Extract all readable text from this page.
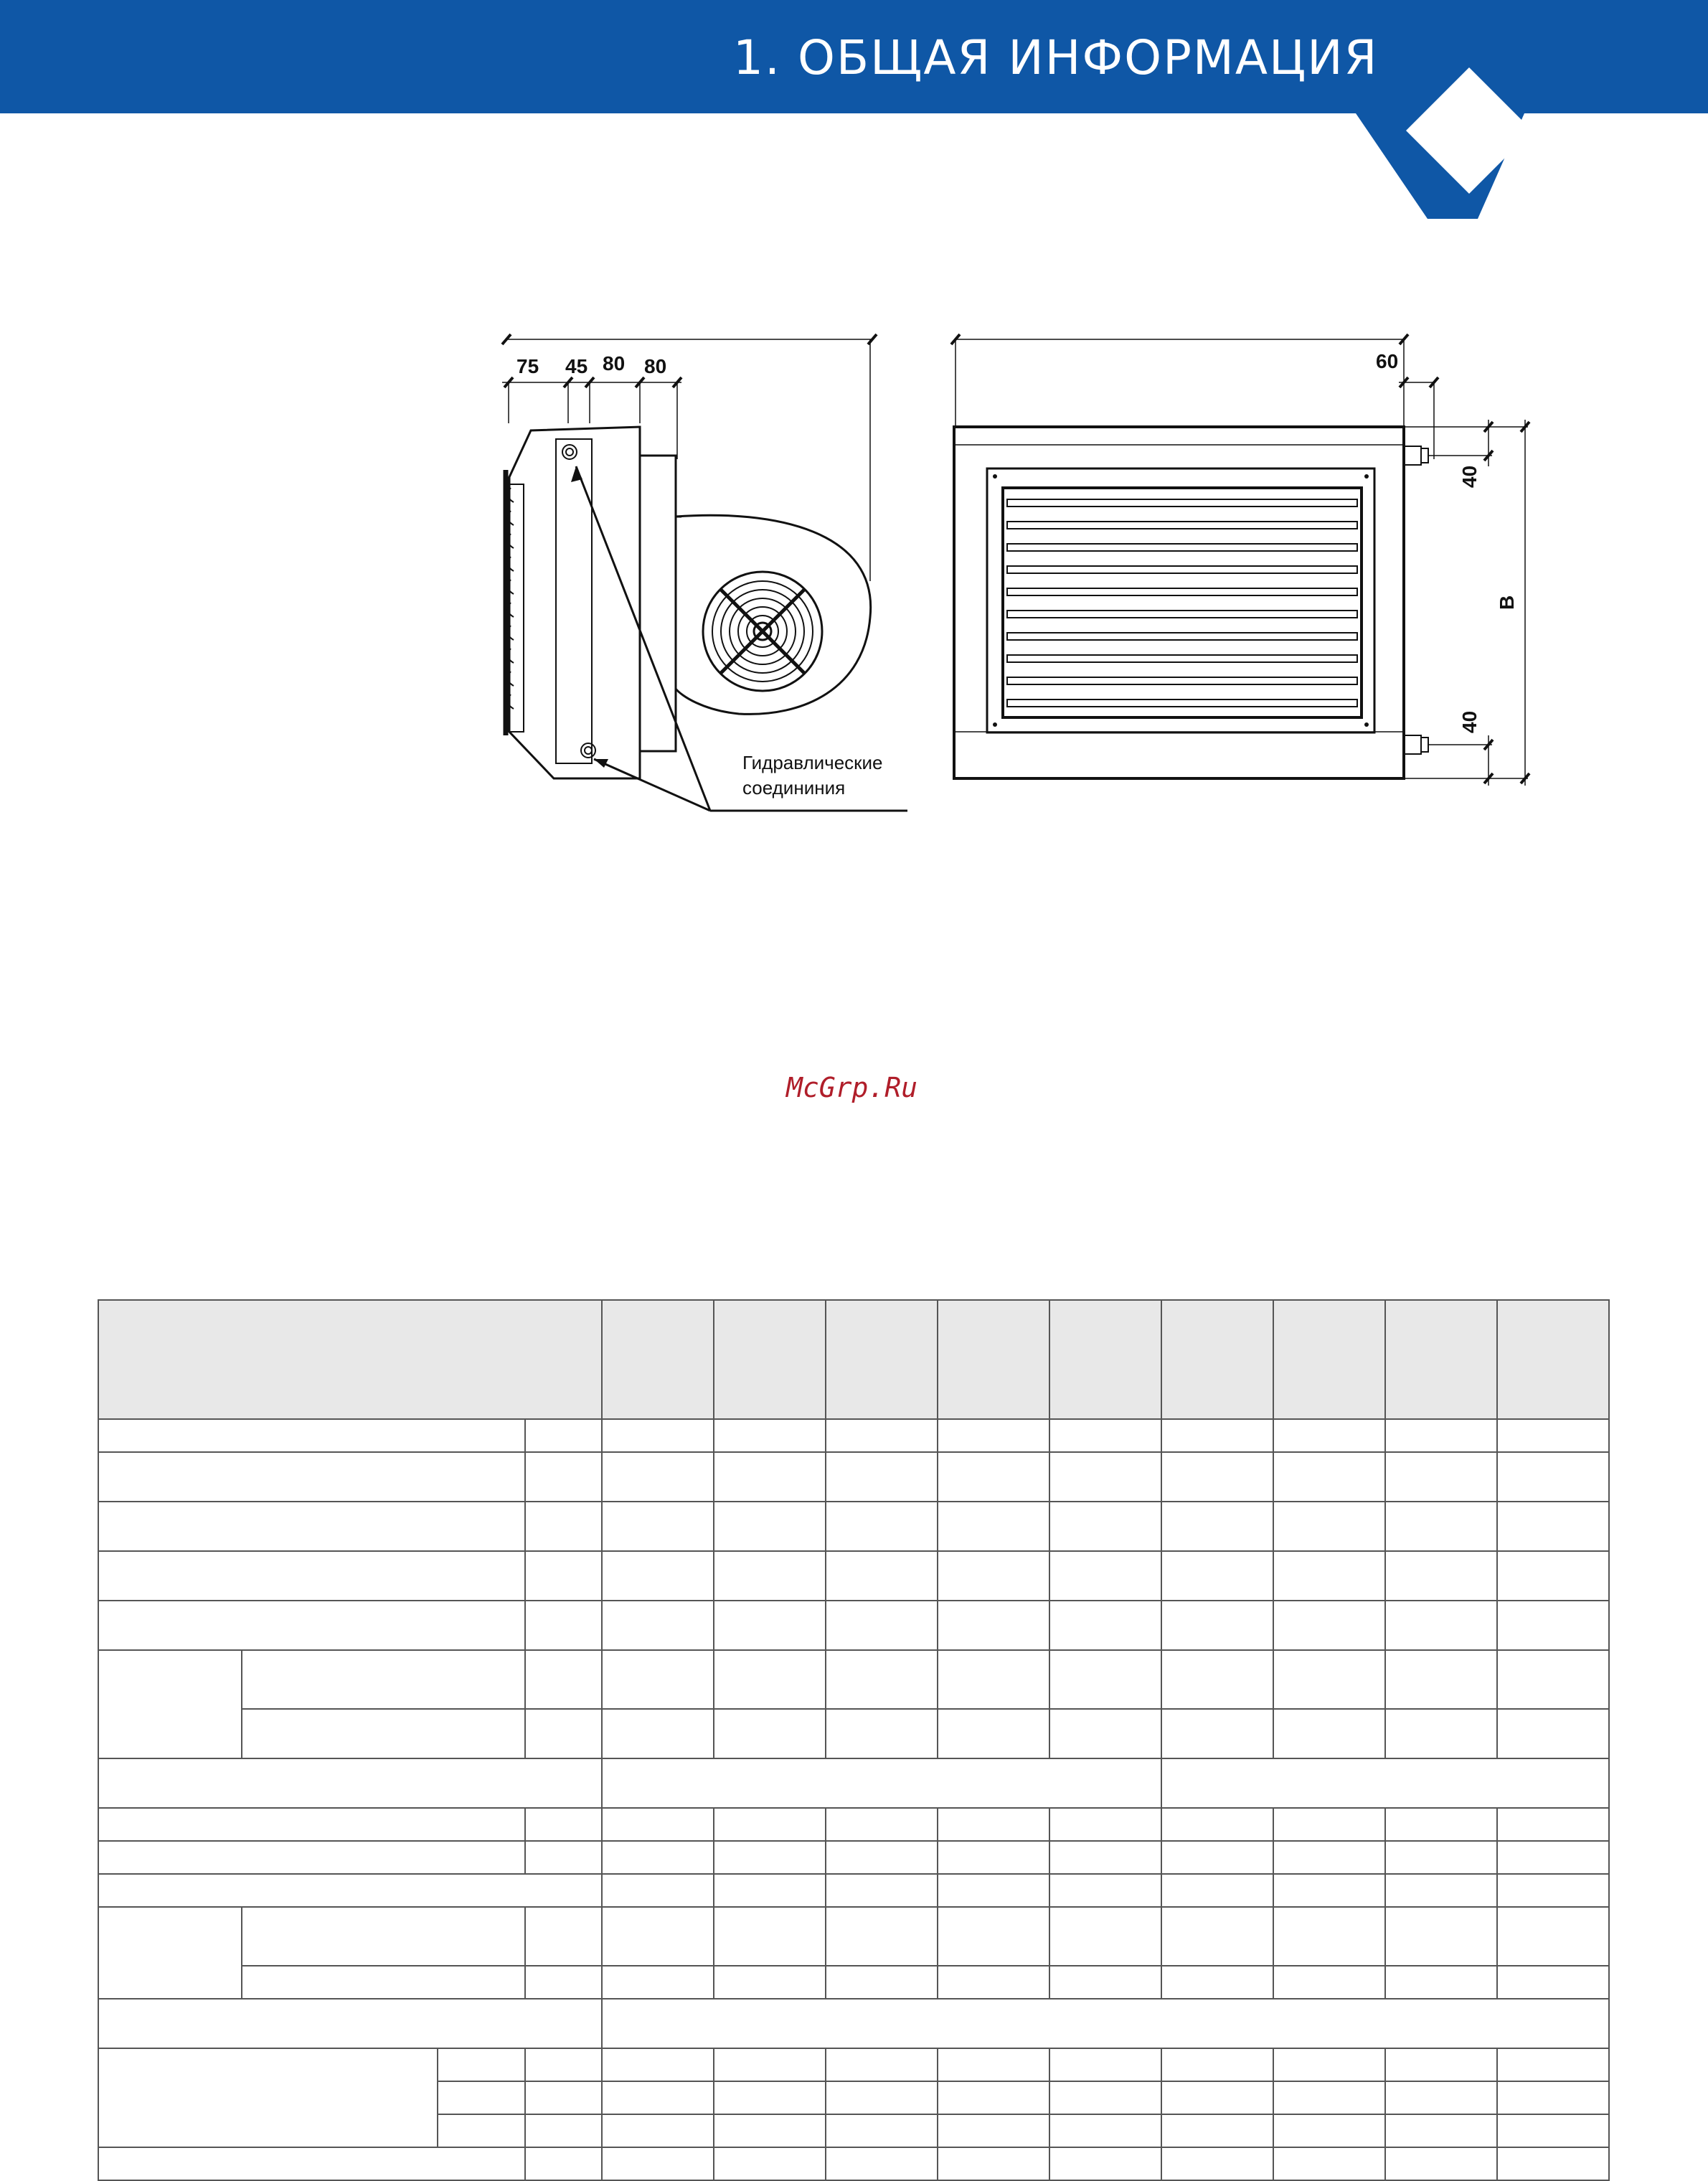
1. ОБЩАЯ ИНФОРМАЦИЯ
75 45 80 80
Гидравлические
соедининия
60
40
40
B
McGrp.Ru
